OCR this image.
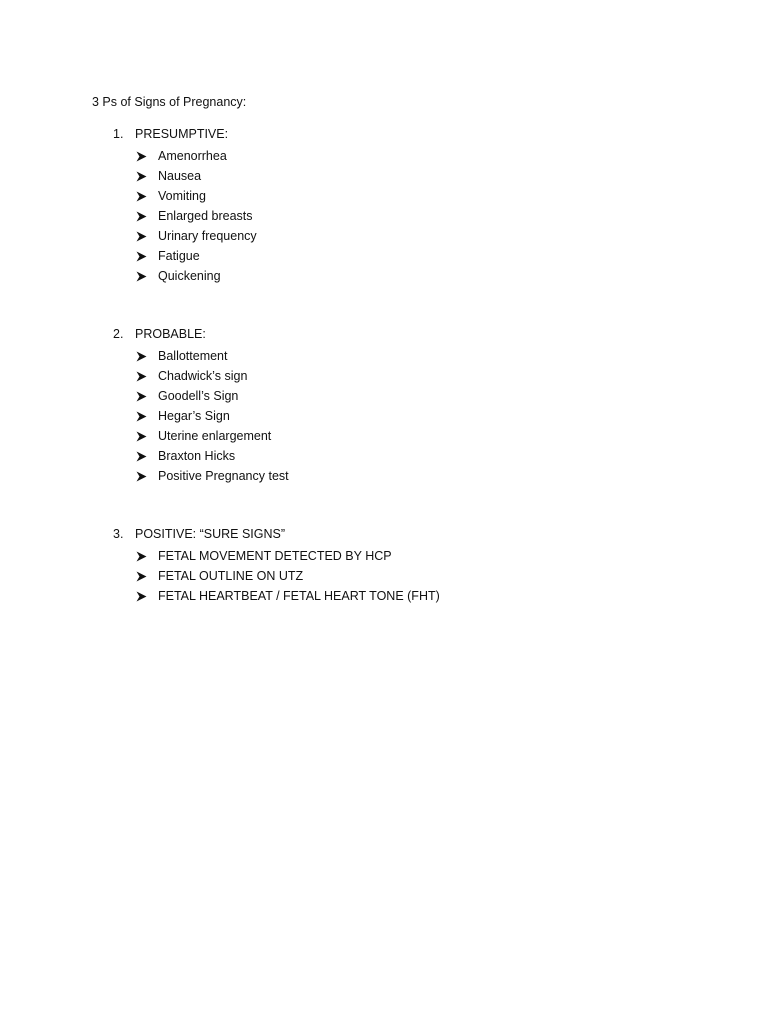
3 Ps of Signs of Pregnancy:
1. PRESUMPTIVE:
Amenorrhea
Nausea
Vomiting
Enlarged breasts
Urinary frequency
Fatigue
Quickening
2. PROBABLE:
Ballottement
Chadwick’s sign
Goodell’s Sign
Hegar’s Sign
Uterine enlargement
Braxton Hicks
Positive Pregnancy test
3. POSITIVE: “SURE SIGNS”
FETAL MOVEMENT DETECTED BY HCP
FETAL OUTLINE ON UTZ
FETAL HEARTBEAT / FETAL HEART TONE (FHT)
